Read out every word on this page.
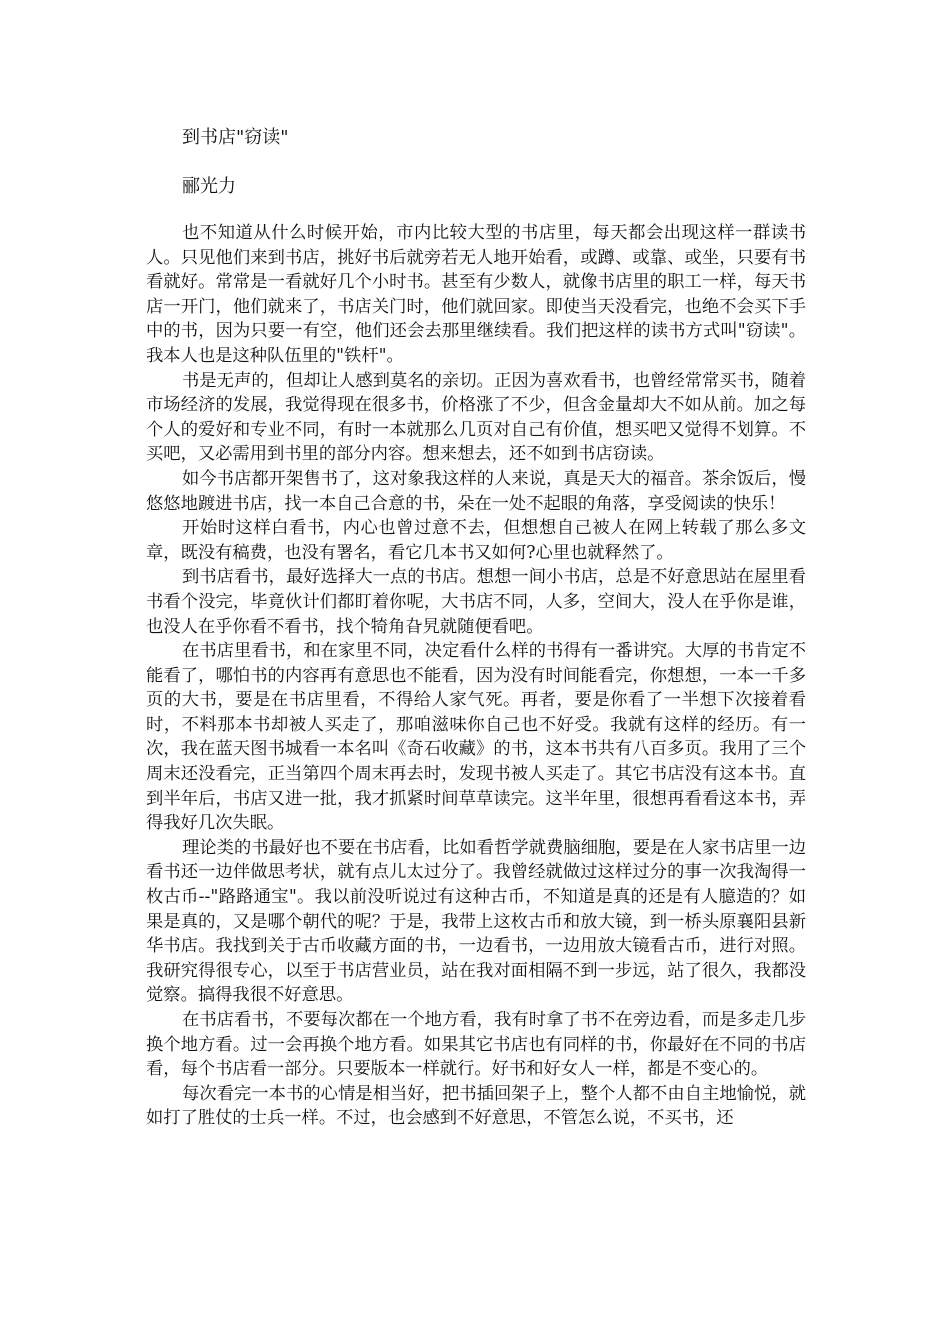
到书店"窃读"

郦光力

也不知道从什么时候开始，市内比较大型的书店里，每天都会出现这样一群读书人。只见他们来到书店，挑好书后就旁若无人地开始看，或蹲、或靠、或坐，只要有书看就好。常常是一看就好几个小时书。甚至有少数人，就像书店里的职工一样，每天书店一开门，他们就来了，书店关门时，他们就回家。即使当天没看完，也绝不会买下手中的书，因为只要一有空，他们还会去那里继续看。我们把这样的读书方式叫"窃读"。我本人也是这种队伍里的"铁杆"。

书是无声的，但却让人感到莫名的亲切。正因为喜欢看书，也曾经常常买书，随着市场经济的发展，我觉得现在很多书，价格涨了不少，但含金量却大不如从前。加之每个人的爱好和专业不同，有时一本就那么几页对自己有价值，想买吧又觉得不划算。不买吧，又必需用到书里的部分内容。想来想去，还不如到书店窃读。

如今书店都开架售书了，这对象我这样的人来说，真是天大的福音。茶余饭后，慢悠悠地踱进书店，找一本自己合意的书，朵在一处不起眼的角落，享受阅读的快乐！

开始时这样白看书，内心也曾过意不去，但想想自己被人在网上转载了那么多文章，既没有稿费，也没有署名，看它几本书又如何?心里也就释然了。

到书店看书，最好选择大一点的书店。想想一间小书店，总是不好意思站在屋里看书看个没完，毕竟伙计们都盯着你呢，大书店不同，人多，空间大，没人在乎你是谁，也没人在乎你看不看书，找个犄角旮旯就随便看吧。

在书店里看书，和在家里不同，决定看什么样的书得有一番讲究。大厚的书肯定不能看了，哪怕书的内容再有意思也不能看，因为没有时间能看完，你想想，一本一千多页的大书，要是在书店里看，不得给人家气死。再者，要是你看了一半想下次接着看时，不料那本书却被人买走了，那咱滋味你自己也不好受。我就有这样的经历。有一次，我在蓝天图书城看一本名叫《奇石收藏》的书，这本书共有八百多页。我用了三个周末还没看完，正当第四个周末再去时，发现书被人买走了。其它书店没有这本书。直到半年后，书店又进一批，我才抓紧时间草草读完。这半年里，很想再看看这本书，弄得我好几次失眠。

理论类的书最好也不要在书店看，比如看哲学就费脑细胞，要是在人家书店里一边看书还一边伴做思考状，就有点儿太过分了。我曾经就做过这样过分的事一次我淘得一枚古币--"路路通宝"。我以前没听说过有这种古币，不知道是真的还是有人臆造的？如果是真的，又是哪个朝代的呢？于是，我带上这枚古币和放大镜，到一桥头原襄阳县新华书店。我找到关于古币收藏方面的书，一边看书，一边用放大镜看古币，进行对照。我研究得很专心，以至于书店营业员，站在我对面相隔不到一步远，站了很久，我都没觉察。搞得我很不好意思。

在书店看书，不要每次都在一个地方看，我有时拿了书不在旁边看，而是多走几步换个地方看。过一会再换个地方看。如果其它书店也有同样的书，你最好在不同的书店看，每个书店看一部分。只要版本一样就行。好书和好女人一样，都是不变心的。

每次看完一本书的心情是相当好，把书插回架子上，整个人都不由自主地愉悦，就如打了胜仗的士兵一样。不过，也会感到不好意思，不管怎么说，不买书，还
